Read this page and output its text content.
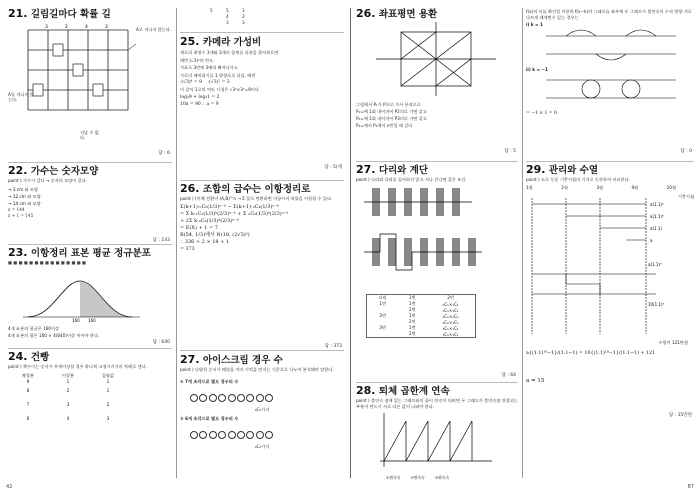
21. 길림길마다 확률 길
3	2	4	3	A로 지나지 않는다.
A를 지나지 않는다.
지날 수 없다.
답 : 6
22. 가수는 숫자모양
point ) 가수가 같다 → 숫자의 모양이 같다.
→ 3 cm 와 모양
→ 12 cm 와 모양
→ 14 cm 와 모양
x = 144
x + 1 = 145
답 : 143
23. 이항정리 표본 평균 정규분포
■ ■ ■ ■ ■ ■ ■ ■ ■ ■ ■ ■ ■ ■ ■
160 160
4개 표본의 평균은 160이상
4개 표본의 합은 160 × 4(640)이상 이어야 한다.
답 : 640
24. 건빵
point ) 짝수이는 숫자가 무게이상할 경우 하나씩 고정시키기의 차례로 센다.
짝할분	이상분	집합값
9	1	1
8	2	1
7	3	2
6	4	3
5          5          1
4          2
3          3
25. 카메라 가성비
세로의 최정수 3개와 3개의 합계를 더용을 찾아보으면
매번 (√3)²의 빈도
가표로 3번에 3배의 빠져나가소
가로의 배치하기를 1 방향으로 다음, 배번
·(√3)⁴ = 9    ·(√3)² = 3
이 같이 1로의 여도 시청은 √3²×3²=9이다
log₃9 + log₃1 = 2
10a = 90 ∴ a = 9
답 : 5(세
26. 조합의 급수는 이항정리로
point ) (이례 전환이 (A,B)^n → Σ 꼴로 변환하면 이항시켜 학률을 이항할 수 있다.
Σ(k+1)·ₙCₖ(1/3)ⁿ⁻ᵏ − Σ(k+1)·ₙCₖ(1/3)ⁿ⁻ᵏ
= Σ k·ₙCₖ(1/3)ᵏ(2/3)ⁿ⁻ᵏ + Σ ₙCₖ(1/3)ᵏ(2/3)ⁿ⁻ᵏ
+ 2Σ k·ₙCₖ(1/3)ᵏ(2/3)ⁿ⁻ᵏ
= E(X) + 1 = 7
B(54, 1/3)에서 N(18, (2√3)²)
∴ 336 + 2 × 18 + 1
= 373
답 : 373
27. 아이스크림 경우 수
point ) 다양한 순서가 배열을 이마 기억을 먼저는 기준으로 나누어 분석해야 말한다.
① 7개 조각으로 별도 경우의 수
₆C₃가지
② 6개 조각으로 별도 경우의 수
₆C₃가지
26. 좌표평면 용환
그림에서 P₁가 P으로 가서 용직으로
P₁=에 1회 내어지어 P2의로 가면 같고
P₂=에 1회 내어지어 P3의로 가면 같고
P₃=에서 P₁에서 n번일 때 같다
답 : 5
27. 다리와 계단
point ) 다리와 다리를 돌아하지 않고 지나 건너면 같은 조건.
다리	1번	2번
1번	1번	₁C₁×₁C₁
	2번	₁C₁×₁C₁
2번	1번	₂C₁×₁C₁
	2번	₂C₁×₁C₁
3번	1번	₃C₁×₁C₁
	2번	₃C₁×₁C₁
답 : 64
28. 퇴체 곱한계 연속
point ) 불연속 점에 있는 그래프와의 끝이 연속이 되려면 두 그래프가 불연속점 연결되는 부분이 반드시 서로 다른 값이 나와야 한다.
①판속속	②판속속	③판속속
f(x)의 미를 확인할 이용한 f(x−k)의 그래프를 좌우에 두 그래프가 불연속이 수직 방향 서로 다르게 매개변수 있는 경우는
i) k = 1
ii) k = −1
= −1 × 1 = 0
답 : 0
29. 관리와 수열
point ) 도로 동운 기충시험의 기저로 동산하여 비교한다.
1월	2월	3월	9월	10월
a(1.1)⁹
a(1.1)⁸
a(1.1)
a
a(1.1)⁹
10(1.1)⁹
기충시험
수열이 121만원
a{(1.1)¹⁰−1}/(1.1−1) = 10{(1.1)¹⁰−1}/(1.1−1) + 121
a = 15
답 : 15만원
42	87
